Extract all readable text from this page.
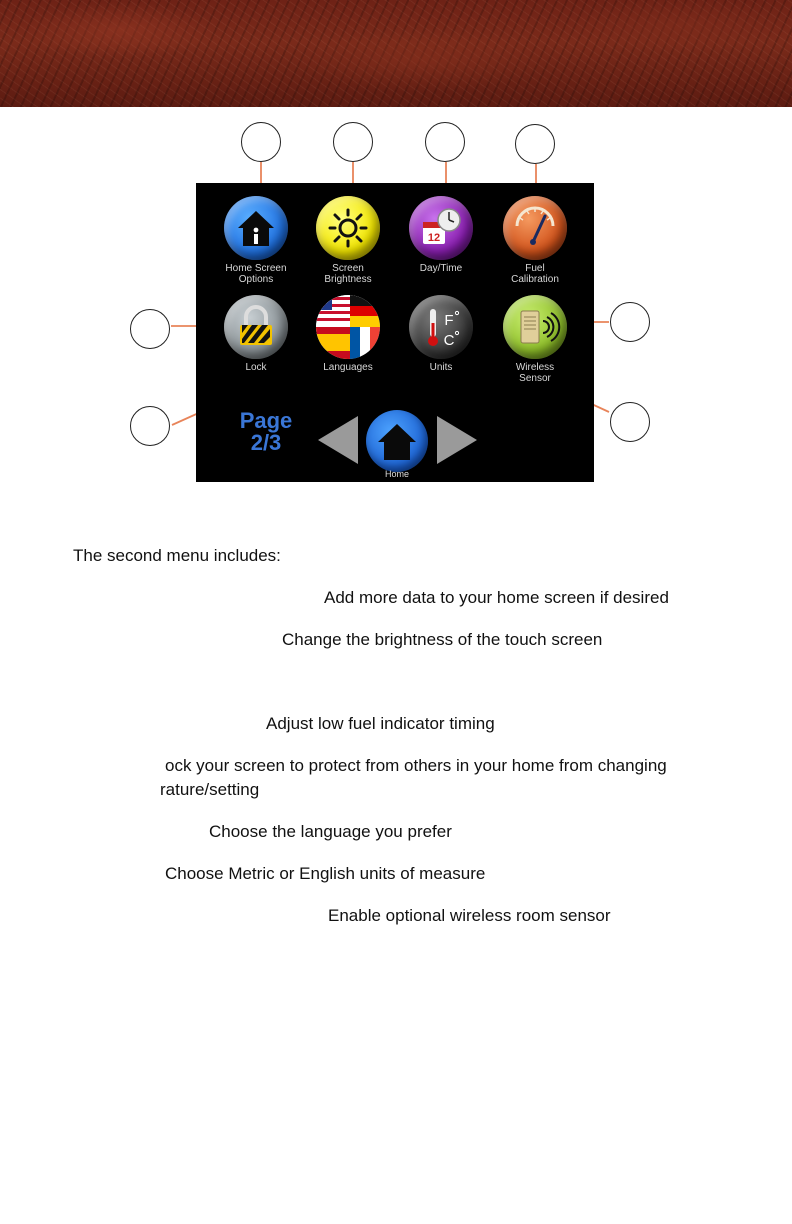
Home Screen
Options
Screen
Brightness
12
Day/Time	Fuel
Calibration
Lock	Languages
F
C
Units	Wireless
Sensor
Page
2/3
Home
The second menu includes:
Add more data to your home screen if desired
Change the brightness of the touch screen
Adjust low fuel indicator timing
ock your screen to protect from others in your home from changing
rature/setting
Choose the language you prefer
Choose Metric or English units of measure
Enable optional wireless room sensor
